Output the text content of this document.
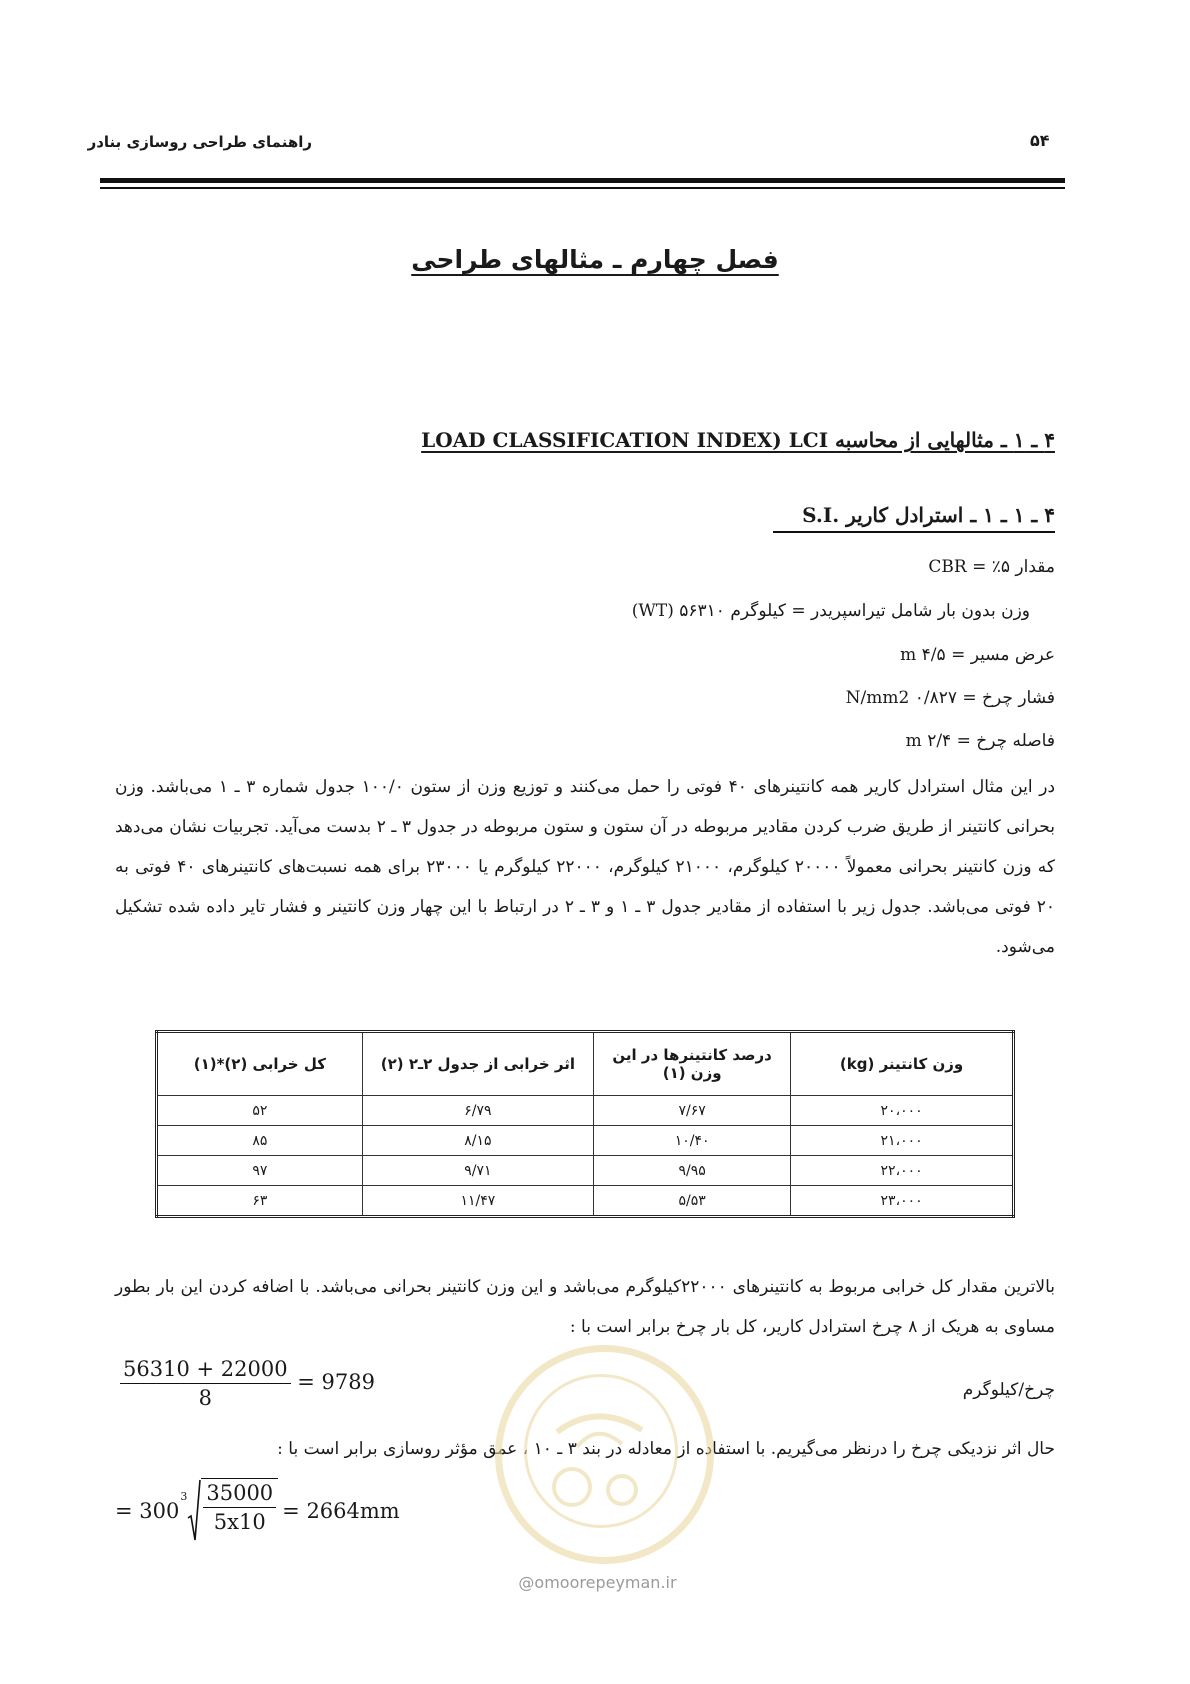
راهنمای طراحی روسازی بنادر	۵۴
فصل چهارم ـ مثالهای طراحی
۴ ـ ۱ ـ مثالهایی از محاسبه LOAD CLASSIFICATION INDEX) LCI
۴ ـ ۱ ـ ۱ ـ استرادل کاریر S.I.
مقدار CBR = ٪۵
وزن بدون بار شامل تیراسپریدر = کیلوگرم ۵۶۳۱۰ (WT)
عرض مسیر = ۴/۵ m
فشار چرخ = N/mm2 ۰/۸۲۷
فاصله چرخ = ۲/۴ m
در این مثال استرادل کاریر همه کانتینرهای ۴۰ فوتی را حمل می‌کنند و توزیع وزن از ستون ۱۰۰/۰ جدول شماره ۳ ـ ۱ می‌باشد. وزن بحرانی کانتینر از طریق ضرب کردن مقادیر مربوطه در آن ستون و ستون مربوطه در جدول ۳ ـ ۲ بدست می‌آید. تجربیات نشان می‌دهد که وزن کانتینر بحرانی معمولاً ۲۰۰۰۰ کیلوگرم، ۲۱۰۰۰ کیلوگرم، ۲۲۰۰۰ کیلوگرم یا ۲۳۰۰۰ برای همه نسبت‌های کانتینرهای ۴۰ فوتی به ۲۰ فوتی می‌باشد. جدول زیر با استفاده از مقادیر جدول ۳ ـ ۱ و ۳ ـ ۲ در ارتباط با این چهار وزن کانتینر و فشار تایر داده شده تشکیل می‌شود.
وزن کانتینر (kg)	درصد کانتینرها در این وزن (۱)	اثر خرابی از جدول ۲ـ۲ (۲)	کل خرابی (۲)*(۱)
۲۰،۰۰۰	۷/۶۷	۶/۷۹	۵۲
۲۱،۰۰۰	۱۰/۴۰	۸/۱۵	۸۵
۲۲،۰۰۰	۹/۹۵	۹/۷۱	۹۷
۲۳،۰۰۰	۵/۵۳	۱۱/۴۷	۶۳
بالاترین مقدار کل خرابی مربوط به کانتینرهای ۲۲۰۰۰کیلوگرم می‌باشد و این وزن کانتینر بحرانی می‌باشد. با اضافه کردن این بار بطور مساوی به هریک از ۸ چرخ استرادل کاریر، کل بار چرخ برابر است با :
$\frac{56310 + 22000}{8} = 9789$	چرخ/کیلوگرم
حال اثر نزدیکی چرخ را درنظر می‌گیریم. با استفاده از معادله در بند ۳ ـ ۱۰ ، عمق مؤثر روسازی برابر است با :
= 300
$^3 \frac{35000}{5x10} = 2664mm$
@omoorepeyman.ir
